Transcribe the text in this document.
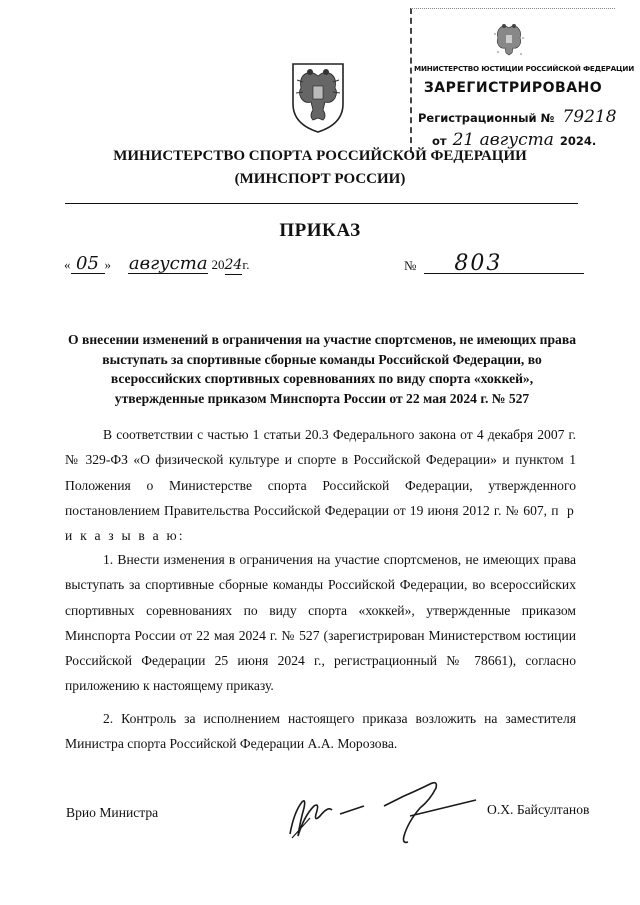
МИНИСТЕРСТВО ЮСТИЦИИ РОССИЙСКОЙ ФЕДЕРАЦИИ
ЗАРЕГИСТРИРОВАНО
Регистрационный № 79218
от 21 августа 2024.
МИНИСТЕРСТВО СПОРТА РОССИЙСКОЙ ФЕДЕРАЦИИ
(МИНСПОРТ РОССИИ)
ПРИКАЗ
« 05 » августа 2024г.	№ 803
О внесении изменений в ограничения на участие спортсменов, не имеющих права выступать за спортивные сборные команды Российской Федерации, во всероссийских спортивных соревнованиях по виду спорта «хоккей», утвержденные приказом Минспорта России от 22 мая 2024 г. № 527

В соответствии с частью 1 статьи 20.3 Федерального закона от 4 декабря 2007 г. № 329-ФЗ «О физической культуре и спорте в Российской Федерации» и пунктом 1 Положения о Министерстве спорта Российской Федерации, утвержденного постановлением Правительства Российской Федерации от 19 июня 2012 г. № 607, п р и к а з ы в а ю:

1. Внести изменения в ограничения на участие спортсменов, не имеющих права выступать за спортивные сборные команды Российской Федерации, во всероссийских спортивных соревнованиях по виду спорта «хоккей», утвержденные приказом Минспорта России от 22 мая 2024 г. № 527 (зарегистрирован Министерством юстиции Российской Федерации 25 июня 2024 г., регистрационный № 78661), согласно приложению к настоящему приказу.

2. Контроль за исполнением настоящего приказа возложить на заместителя Министра спорта Российской Федерации А.А. Морозова.

Врио Министра	О.Х. Байсултанов
